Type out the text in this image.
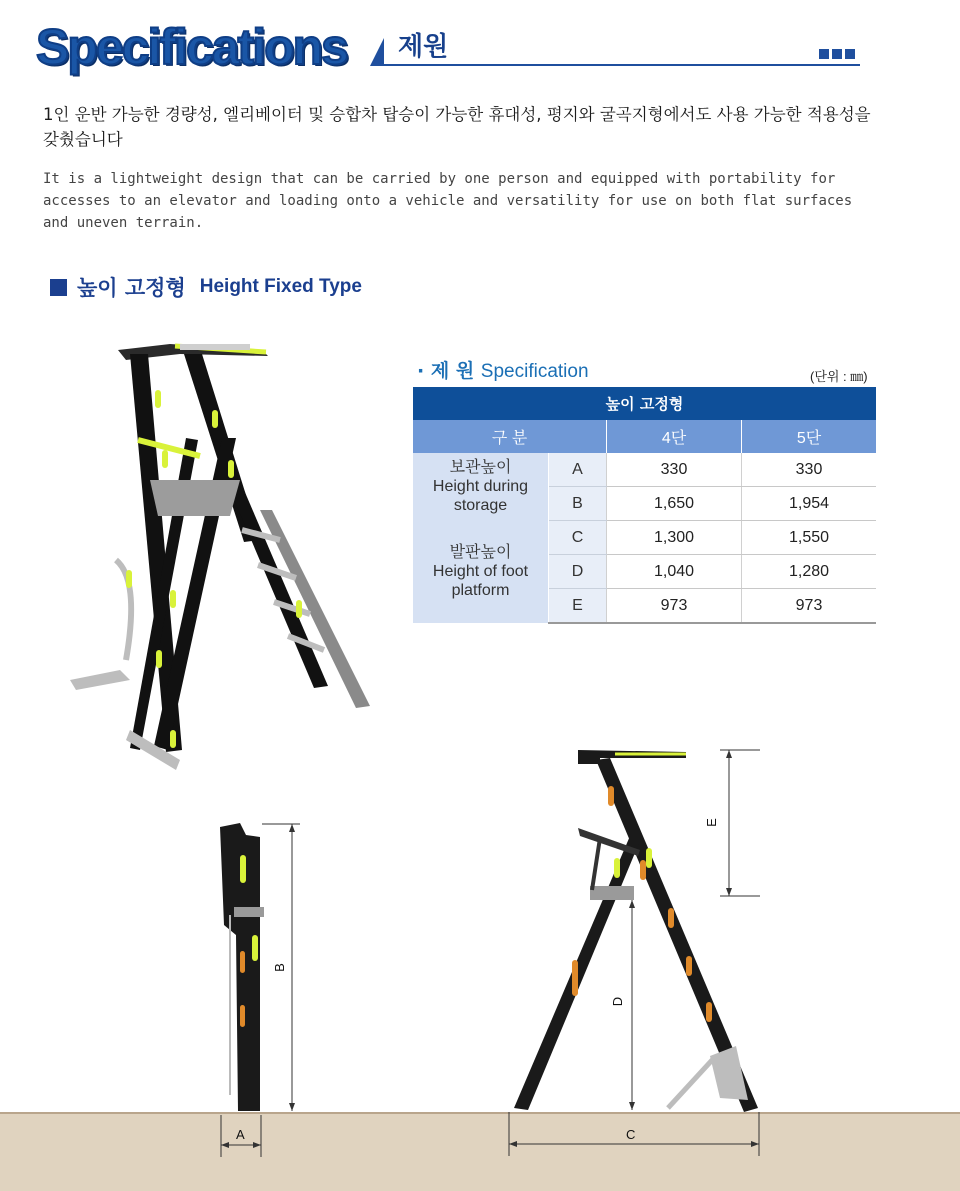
Specifications 제원
1인 운반 가능한 경량성, 엘리베이터 및 승합차 탑승이 가능한 휴대성, 평지와 굴곡지형에서도 사용 가능한 적용성을 갖췄습니다
It is a lightweight design that can be carried by one person and equipped with portability for accesses to an elevator and loading onto a vehicle and versatility for use on both flat surfaces and uneven terrain.
높이 고정형 Height Fixed Type
· 제 원 Specification	(단위 : ㎜)
높이 고정형			
구 분		4단	5단

보관높이
Height during storage	A	330	330
	B	1,650	1,954

발판높이
Height of foot platform	C	1,300	1,550
	D	1,040	1,280
	E	973	973
A
B
E
D
C
